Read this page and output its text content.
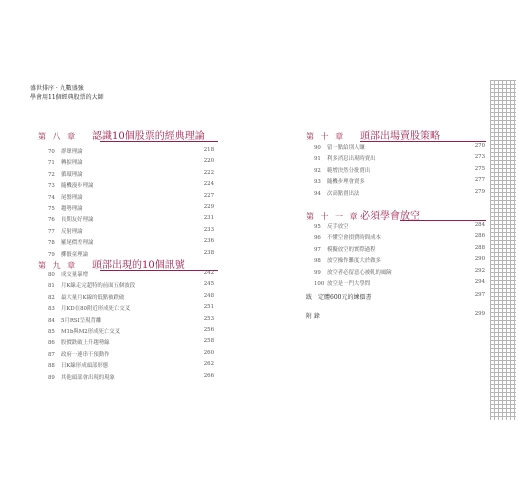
盛世排序 · 九數盛強
學會用11個經典股票的大師
第 八 章 認識10個股票的經典理論
70 群眾理論	218
71 轉捩理論	220
72 循環理論	222
73 隨機漫步理論	224
74 尾盤理論	227
75 趨勢理論	229
76 長期友好理論	231
77 反射理論	233
78 羅尾價差理論	236
79 擲骰童理論	238
第 九 章 頭部出現的10個訊號
80 成交量暴增	242
81 月K線走完超特的前面五個波段	245
82 最大量月K線的低點被跌破	248
83 月KD在80附近形成死亡交叉	251
84 5月RSI呈現背離	253
85 M1b與M2形成死亡交叉	256
86 股價跌破上升趨勢線	258
87 政府一連串干預動作	260
88 日K線形成頭部形態	262
89 其他頭部會出現的現象	266
第 十 章 頭部出場賣股策略
90 留一點給別人賺	270
91 利多消息出現時賣出	273
92 範增決然分批賣出	275
93 隨機步理會賣多	277
94 次高點賣出法	279
第 十 一 章必須學會放空
95 反手放空	284
96 不懂空會損費時間成本	286
97 模擬放空的實際過程	288
98 放空操作難度大於做多	290
99 放空者必留意心被軋的風險	292
100 放空是一門大學問	294
跋　定體600元的練價書	297
附 錄	299
